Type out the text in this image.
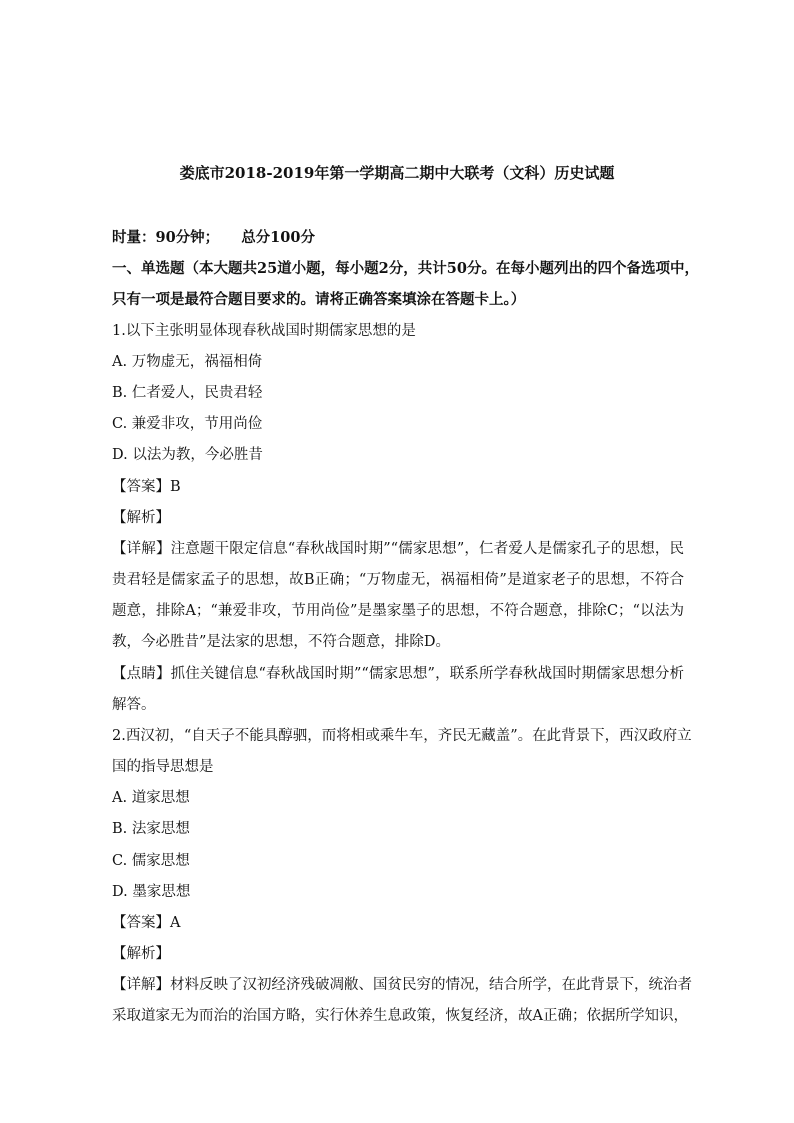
娄底市2018-2019年第一学期高二期中大联考（文科）历史试题
时量：90分钟； 总分100分
一、单选题（本大题共25道小题，每小题2分，共计50分。在每小题列出的四个备选项中，
只有一项是最符合题目要求的。请将正确答案填涂在答题卡上。）
1.以下主张明显体现春秋战国时期儒家思想的是
A. 万物虚无，祸福相倚
B. 仁者爱人，民贵君轻
C. 兼爱非攻，节用尚俭
D. 以法为教，今必胜昔
【答案】B
【解析】
【详解】注意题干限定信息“春秋战国时期”“儒家思想”，仁者爱人是儒家孔子的思想，民
贵君轻是儒家孟子的思想，故B正确；“万物虚无，祸福相倚”是道家老子的思想，不符合
题意，排除A；“兼爱非攻，节用尚俭”是墨家墨子的思想，不符合题意，排除C；“以法为
教，今必胜昔”是法家的思想，不符合题意，排除D。
【点睛】抓住关键信息“春秋战国时期”“儒家思想”，联系所学春秋战国时期儒家思想分析
解答。
2.西汉初，“自天子不能具醇驷，而将相或乘牛车，齐民无藏盖”。在此背景下，西汉政府立
国的指导思想是
A. 道家思想
B. 法家思想
C. 儒家思想
D. 墨家思想
【答案】A
【解析】
【详解】材料反映了汉初经济残破凋敝、国贫民穷的情况，结合所学，在此背景下，统治者
采取道家无为而治的治国方略，实行休养生息政策，恢复经济，故A正确；依据所学知识，
